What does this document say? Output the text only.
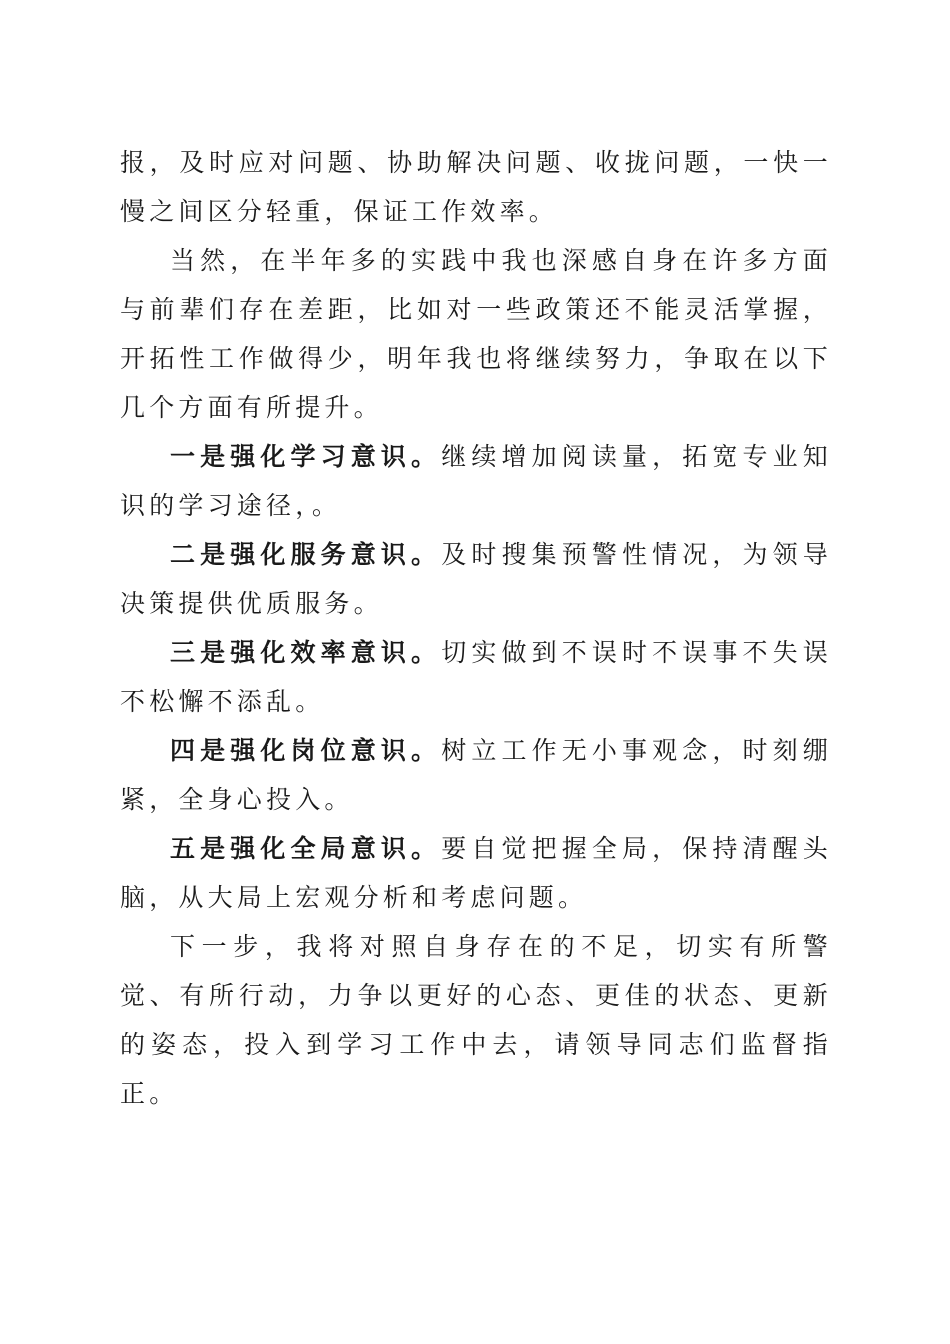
报，及时应对问题、协助解决问题、收拢问题，一快一慢之间区分轻重，保证工作效率。

当然，在半年多的实践中我也深感自身在许多方面与前辈们存在差距，比如对一些政策还不能灵活掌握，开拓性工作做得少，明年我也将继续努力，争取在以下几个方面有所提升。

一是强化学习意识。继续增加阅读量，拓宽专业知识的学习途径，。

二是强化服务意识。及时搜集预警性情况，为领导决策提供优质服务。

三是强化效率意识。切实做到不误时不误事不失误不松懈不添乱。

四是强化岗位意识。树立工作无小事观念，时刻绷紧，全身心投入。

五是强化全局意识。要自觉把握全局，保持清醒头脑，从大局上宏观分析和考虑问题。

下一步，我将对照自身存在的不足，切实有所警觉、有所行动，力争以更好的心态、更佳的状态、更新的姿态，投入到学习工作中去，请领导同志们监督指正。
